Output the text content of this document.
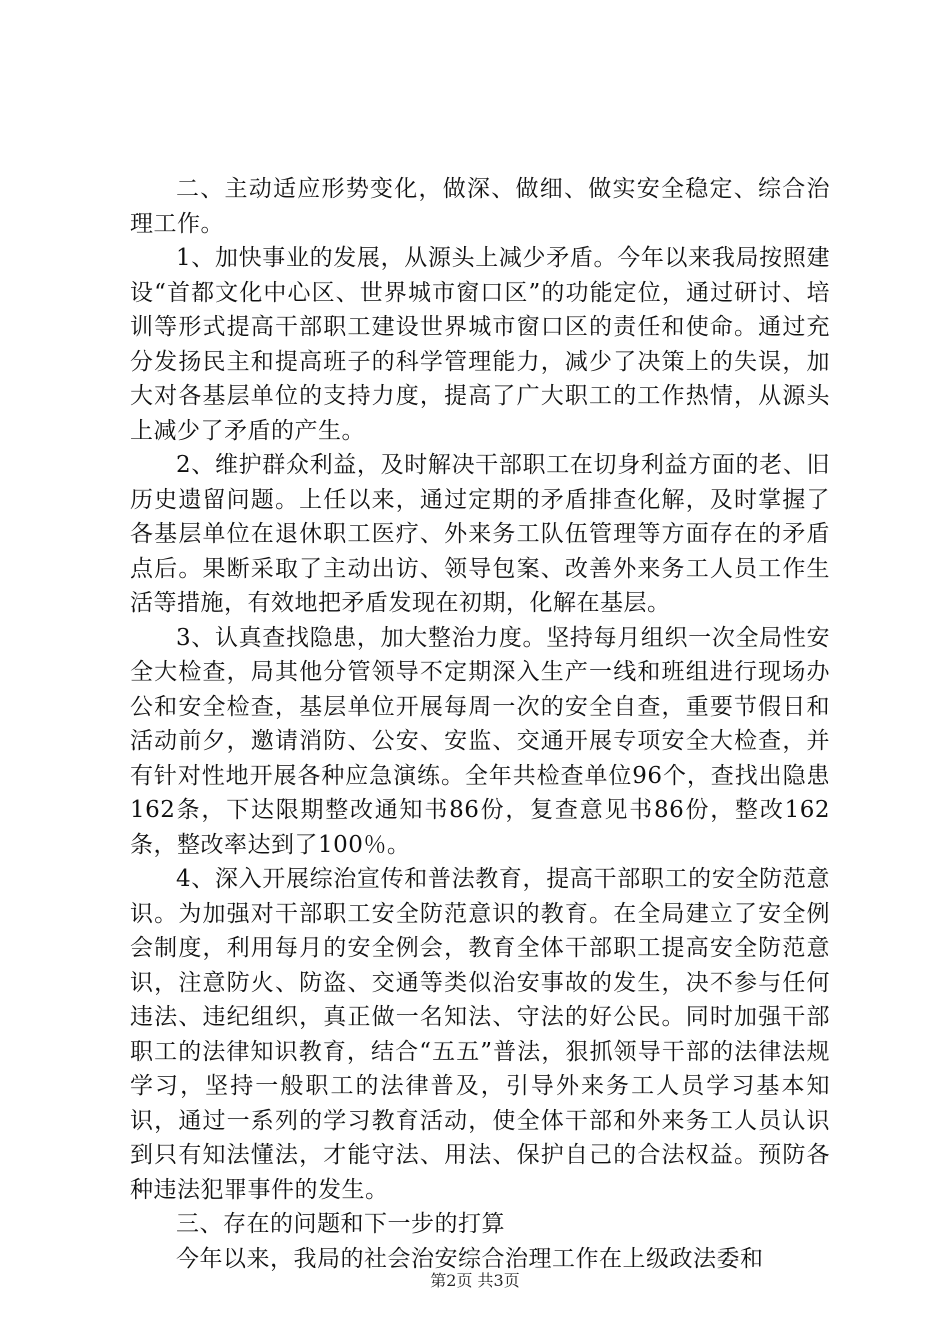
二、主动适应形势变化，做深、做细、做实安全稳定、综合治理工作。

1、加快事业的发展，从源头上减少矛盾。今年以来我局按照建设“首都文化中心区、世界城市窗口区”的功能定位，通过研讨、培训等形式提高干部职工建设世界城市窗口区的责任和使命。通过充分发扬民主和提高班子的科学管理能力，减少了决策上的失误，加大对各基层单位的支持力度，提高了广大职工的工作热情，从源头上减少了矛盾的产生。

2、维护群众利益，及时解决干部职工在切身利益方面的老、旧历史遗留问题。上任以来，通过定期的矛盾排查化解，及时掌握了各基层单位在退休职工医疗、外来务工队伍管理等方面存在的矛盾点后。果断采取了主动出访、领导包案、改善外来务工人员工作生活等措施，有效地把矛盾发现在初期，化解在基层。

3、认真查找隐患，加大整治力度。坚持每月组织一次全局性安全大检查，局其他分管领导不定期深入生产一线和班组进行现场办公和安全检查，基层单位开展每周一次的安全自查，重要节假日和活动前夕，邀请消防、公安、安监、交通开展专项安全大检查，并有针对性地开展各种应急演练。全年共检查单位96个，查找出隐患162条，下达限期整改通知书86份，复查意见书86份，整改162条，整改率达到了100％。

4、深入开展综治宣传和普法教育，提高干部职工的安全防范意识。为加强对干部职工安全防范意识的教育。在全局建立了安全例会制度，利用每月的安全例会，教育全体干部职工提高安全防范意识，注意防火、防盗、交通等类似治安事故的发生，决不参与任何违法、违纪组织，真正做一名知法、守法的好公民。同时加强干部职工的法律知识教育，结合“五五”普法，狠抓领导干部的法律法规学习，坚持一般职工的法律普及，引导外来务工人员学习基本知识，通过一系列的学习教育活动，使全体干部和外来务工人员认识到只有知法懂法，才能守法、用法、保护自己的合法权益。预防各种违法犯罪事件的发生。

三、存在的问题和下一步的打算

今年以来，我局的社会治安综合治理工作在上级政法委和

第2页 共3页
